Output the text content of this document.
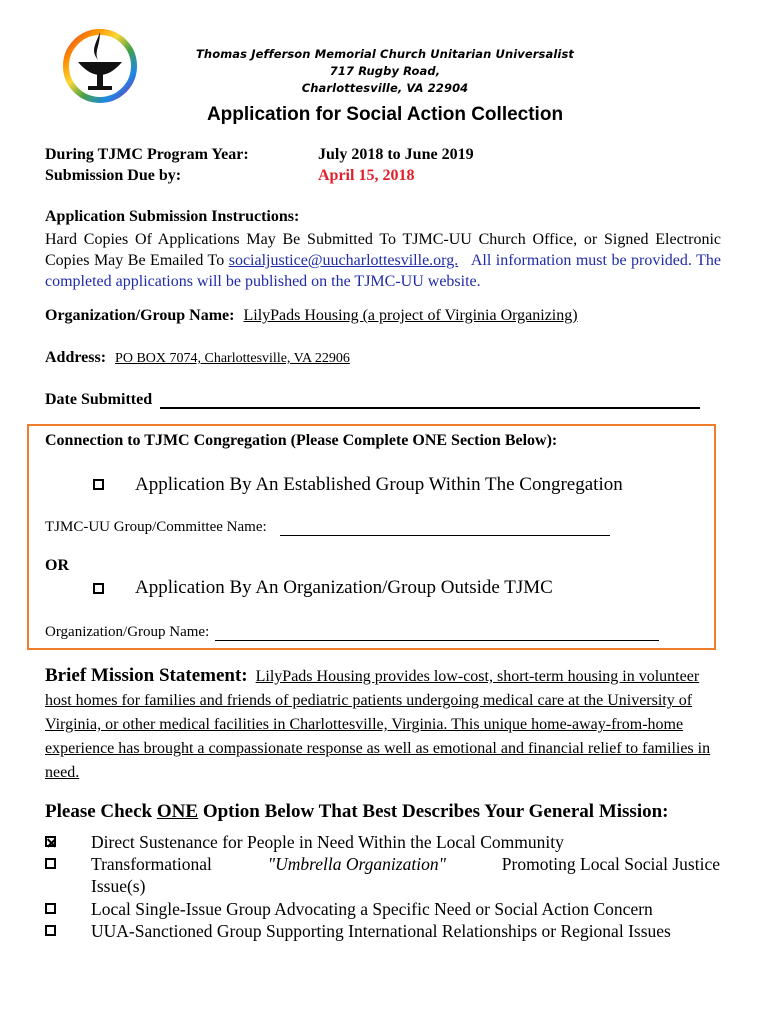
Thomas Jefferson Memorial Church Unitarian Universalist
717 Rugby Road,
Charlottesville, VA 22904
Application for Social Action Collection
During TJMC Program Year:	July 2018 to June 2019
Submission Due by:	April 15, 2018
Application Submission Instructions:
Hard Copies Of Applications May Be Submitted To TJMC-UU Church Office, or Signed Electronic Copies May Be Emailed To socialjustice@uucharlottesville.org. All information must be provided. The completed applications will be published on the TJMC-UU website.
Organization/Group Name: LilyPads Housing (a project of Virginia Organizing)
Address: PO BOX 7074, Charlottesville, VA 22906
Date Submitted
Connection to TJMC Congregation (Please Complete ONE Section Below):
Application By An Established Group Within The Congregation
TJMC-UU Group/Committee Name:
OR
Application By An Organization/Group Outside TJMC
Organization/Group Name:
Brief Mission Statement: LilyPads Housing provides low-cost, short-term housing in volunteer host homes for families and friends of pediatric patients undergoing medical care at the University of Virginia, or other medical facilities in Charlottesville, Virginia. This unique home-away-from-home experience has brought a compassionate response as well as emotional and financial relief to families in need.
Please Check ONE Option Below That Best Describes Your General Mission:
Direct Sustenance for People in Need Within the Local Community
Transformational	"Umbrella Organization"	Promoting Local Social Justice
Issue(s)
Local Single-Issue Group Advocating a Specific Need or Social Action Concern
UUA-Sanctioned Group Supporting International Relationships or Regional Issues
